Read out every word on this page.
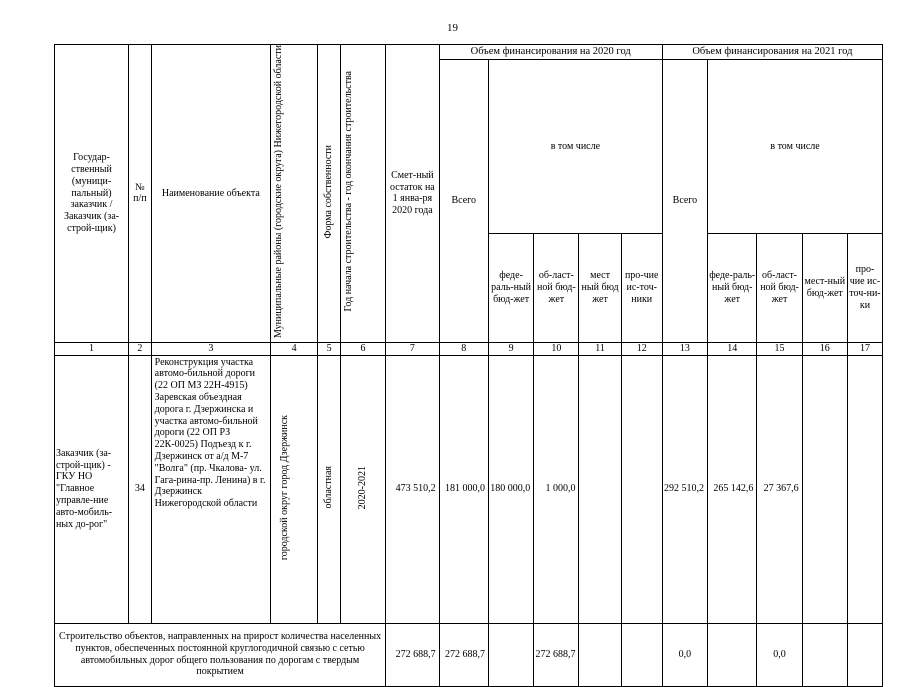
19
Государ-ственный (муници-пальный) заказчик /Заказчик (за-строй-щик)	№ п/п	Наименование объекта	Муниципальные районы (городские округа) Нижегородской области	Форма собственности	Год начала строительства - год окончания строительства	Смет-ный остаток на 1 янва-ря 2020 года	Объем финансирования на 2020 год					Объем финансирования на 2021 год				
							Всего	в том числе				Всего	в том числе			
								феде-раль-ный бюд-жет	об-ласт-ной бюд-жет	мест ный бюд жет	про-чие ис-точ-ники		феде-раль-ный бюд-жет	об-ласт-ной бюд-жет	мест-ный бюд-жет	про-чие ис-точ-ни-ки
1	2	3	4	5	6	7	8	9	10	11	12	13	14	15	16	17
Заказчик (за-строй-щик) - ГКУ НО "Главное управле-ние авто-мобиль-ных до-рог"	34	Реконструкция участка автомо-бильной дороги (22 ОП МЗ 22Н-4915) Заревская объездная дорога г. Дзержинска и участка автомо-бильной дороги (22 ОП РЗ 22К-0025) Подъезд к г. Дзержинск от а/д М-7 "Волга" (пр. Чкалова- ул. Гага-рина-пр. Ленина) в г. Дзержинск Нижегородской области	городской округ город Дзержинск	областная	2020-2021	473 510,2	181 000,0	180 000,0	1 000,0			292 510,2	265 142,6	27 367,6		
Строительство объектов, направленных на прирост количества населенных пунктов, обеспеченных постоянной круглогодичной связью с сетью автомобильных дорог общего пользования по дорогам с твердым покрытием						272 688,7	272 688,7		272 688,7			0,0		0,0		
